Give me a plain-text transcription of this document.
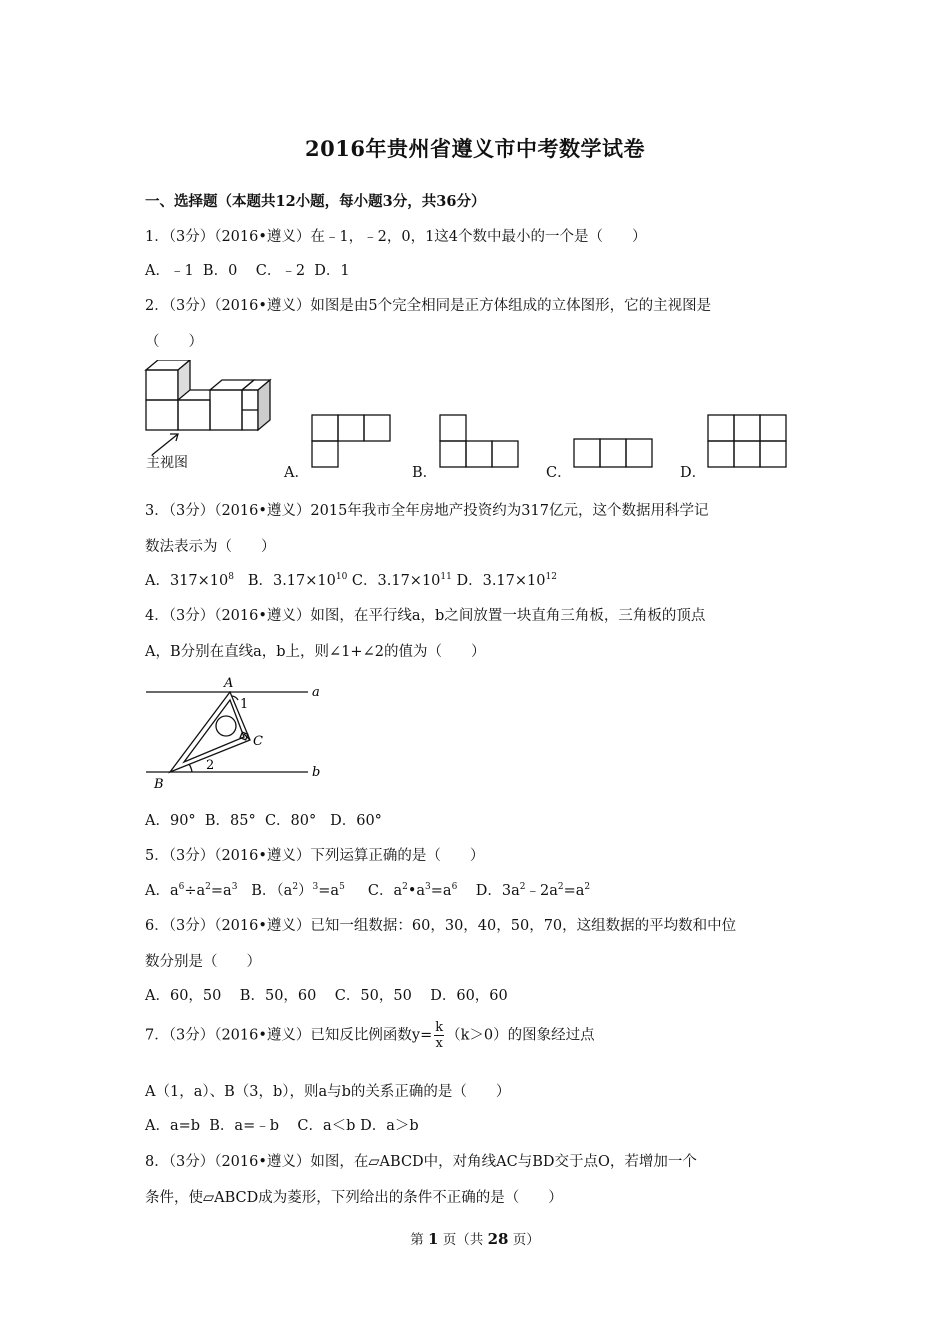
2016年贵州省遵义市中考数学试卷
一、选择题（本题共12小题，每小题3分，共36分）
1．（3分）（2016•遵义）在﹣1，﹣2，0，1这4个数中最小的一个是（　　）
A．﹣1  B．0    C．﹣2  D．1
2．（3分）（2016•遵义）如图是由5个完全相同是正方体组成的立体图形，它的主视图是
（　　）
主视图
A．	B．	C．	D．
3．（3分）（2016•遵义）2015年我市全年房地产投资约为317亿元，这个数据用科学记
数法表示为（　　）
A．$317\times 10^8$ B．$3.17\times 10^{10}$ C．$3.17\times 10^{11}$ D．$3.17\times 10^{12}$
4．（3分）（2016•遵义）如图，在平行线a，b之间放置一块直角三角板，三角板的顶点
A，B分别在直线a，b上，则∠1+∠2的值为（　　）
A
B
C
a
b
1
2
A．90°  B．85°  C．80°   D．60°
5．（3分）（2016•遵义）下列运算正确的是（　　）
A．$a^6\div a^2=a^3$ B．$(a^2)^3=a^5$ C．$a^2•a^3=a^6$ D．$3a^2﹣2a^2=a^2$
6．（3分）（2016•遵义）已知一组数据：60，30，40，50，70，这组数据的平均数和中位
数分别是（　　）
A．60，50    B．50，60    C．50，50    D．60，60
7．（3分）（2016•遵义）已知反比例函数$y= \frac{k}{x} (k>0)$的图象经过点
A（1，a）、B（3，b），则a与b的关系正确的是（　　）
A．a=b  B．a=﹣b    C．a＜b D．a＞b
8．（3分）（2016•遵义）如图，在▱ABCD中，对角线AC与BD交于点O，若增加一个
条件，使▱ABCD成为菱形，下列给出的条件不正确的是（　　）
第 1 页（共 28 页）
